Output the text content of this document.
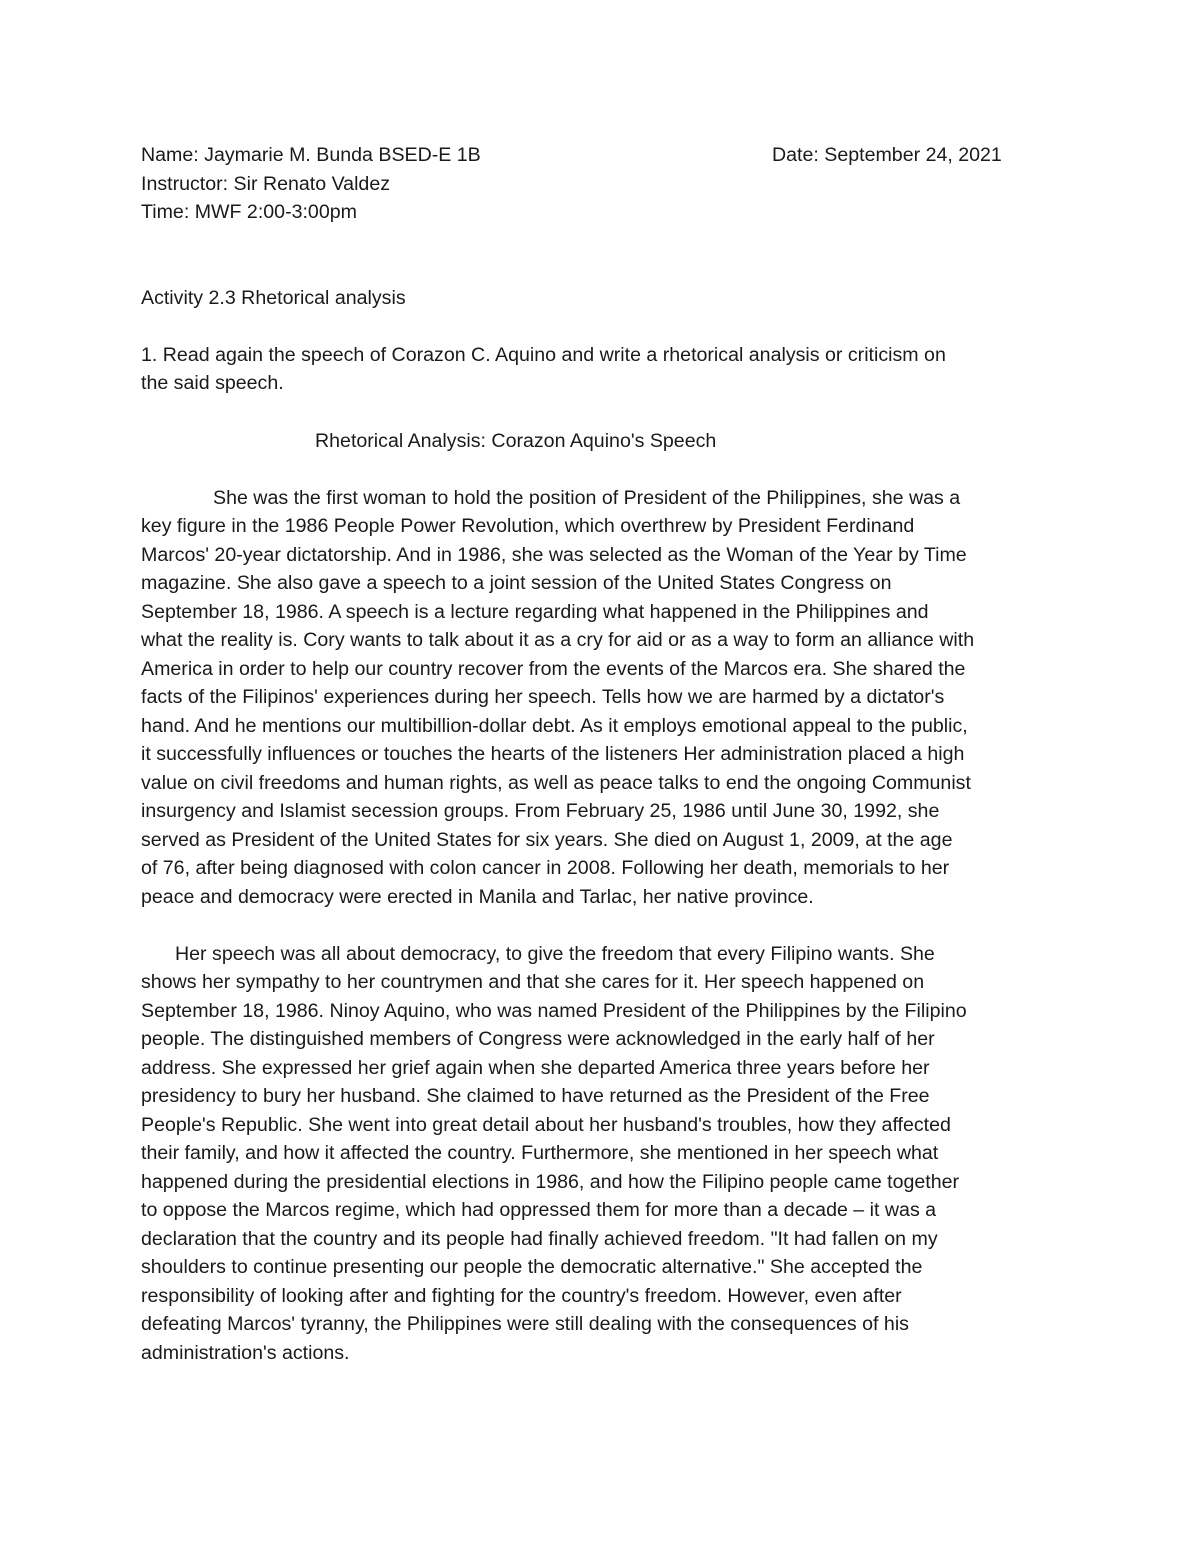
Name: Jaymarie M. Bunda BSED-E 1B	Date: September 24, 2021
Instructor: Sir Renato Valdez
Time: MWF 2:00-3:00pm
Activity 2.3 Rhetorical analysis
1. Read again the speech of Corazon C. Aquino and write a rhetorical analysis or criticism on
the said speech.
Rhetorical Analysis: Corazon Aquino's Speech
She was the first woman to hold the position of President of the Philippines, she was a
key figure in the 1986 People Power Revolution, which overthrew by President Ferdinand
Marcos' 20-year dictatorship. And in 1986, she was selected as the Woman of the Year by Time
magazine. She also gave a speech to a joint session of the United States Congress on
September 18, 1986. A speech is a lecture regarding what happened in the Philippines and
what the reality is. Cory wants to talk about it as a cry for aid or as a way to form an alliance with
America in order to help our country recover from the events of the Marcos era. She shared the
facts of the Filipinos' experiences during her speech. Tells how we are harmed by a dictator's
hand. And he mentions our multibillion-dollar debt. As it employs emotional appeal to the public,
it successfully influences or touches the hearts of the listeners Her administration placed a high
value on civil freedoms and human rights, as well as peace talks to end the ongoing Communist
insurgency and Islamist secession groups. From February 25, 1986 until June 30, 1992, she
served as President of the United States for six years. She died on August 1, 2009, at the age
of 76, after being diagnosed with colon cancer in 2008. Following her death, memorials to her
peace and democracy were erected in Manila and Tarlac, her native province.
Her speech was all about democracy, to give the freedom that every Filipino wants. She
shows her sympathy to her countrymen and that she cares for it. Her speech happened on
September 18, 1986. Ninoy Aquino, who was named President of the Philippines by the Filipino
people. The distinguished members of Congress were acknowledged in the early half of her
address. She expressed her grief again when she departed America three years before her
presidency to bury her husband. She claimed to have returned as the President of the Free
People's Republic. She went into great detail about her husband's troubles, how they affected
their family, and how it affected the country. Furthermore, she mentioned in her speech what
happened during the presidential elections in 1986, and how the Filipino people came together
to oppose the Marcos regime, which had oppressed them for more than a decade – it was a
declaration that the country and its people had finally achieved freedom. "It had fallen on my
shoulders to continue presenting our people the democratic alternative." She accepted the
responsibility of looking after and fighting for the country's freedom. However, even after
defeating Marcos' tyranny, the Philippines were still dealing with the consequences of his
administration's actions.
